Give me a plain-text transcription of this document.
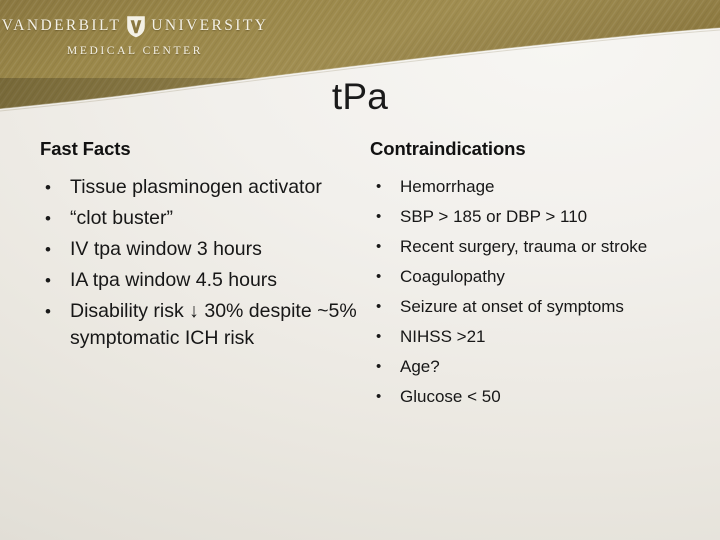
VANDERBILT UNIVERSITY
MEDICAL CENTER
tPa
Fast Facts
• Tissue plasminogen activator
• “clot buster”
• IV tpa window 3 hours
• IA tpa window 4.5 hours
• Disability risk ↓ 30% despite ~5% symptomatic ICH risk
Contraindications
• Hemorrhage
• SBP > 185 or DBP > 110
• Recent surgery, trauma or stroke
• Coagulopathy
• Seizure at onset of symptoms
• NIHSS >21
• Age?
• Glucose < 50
